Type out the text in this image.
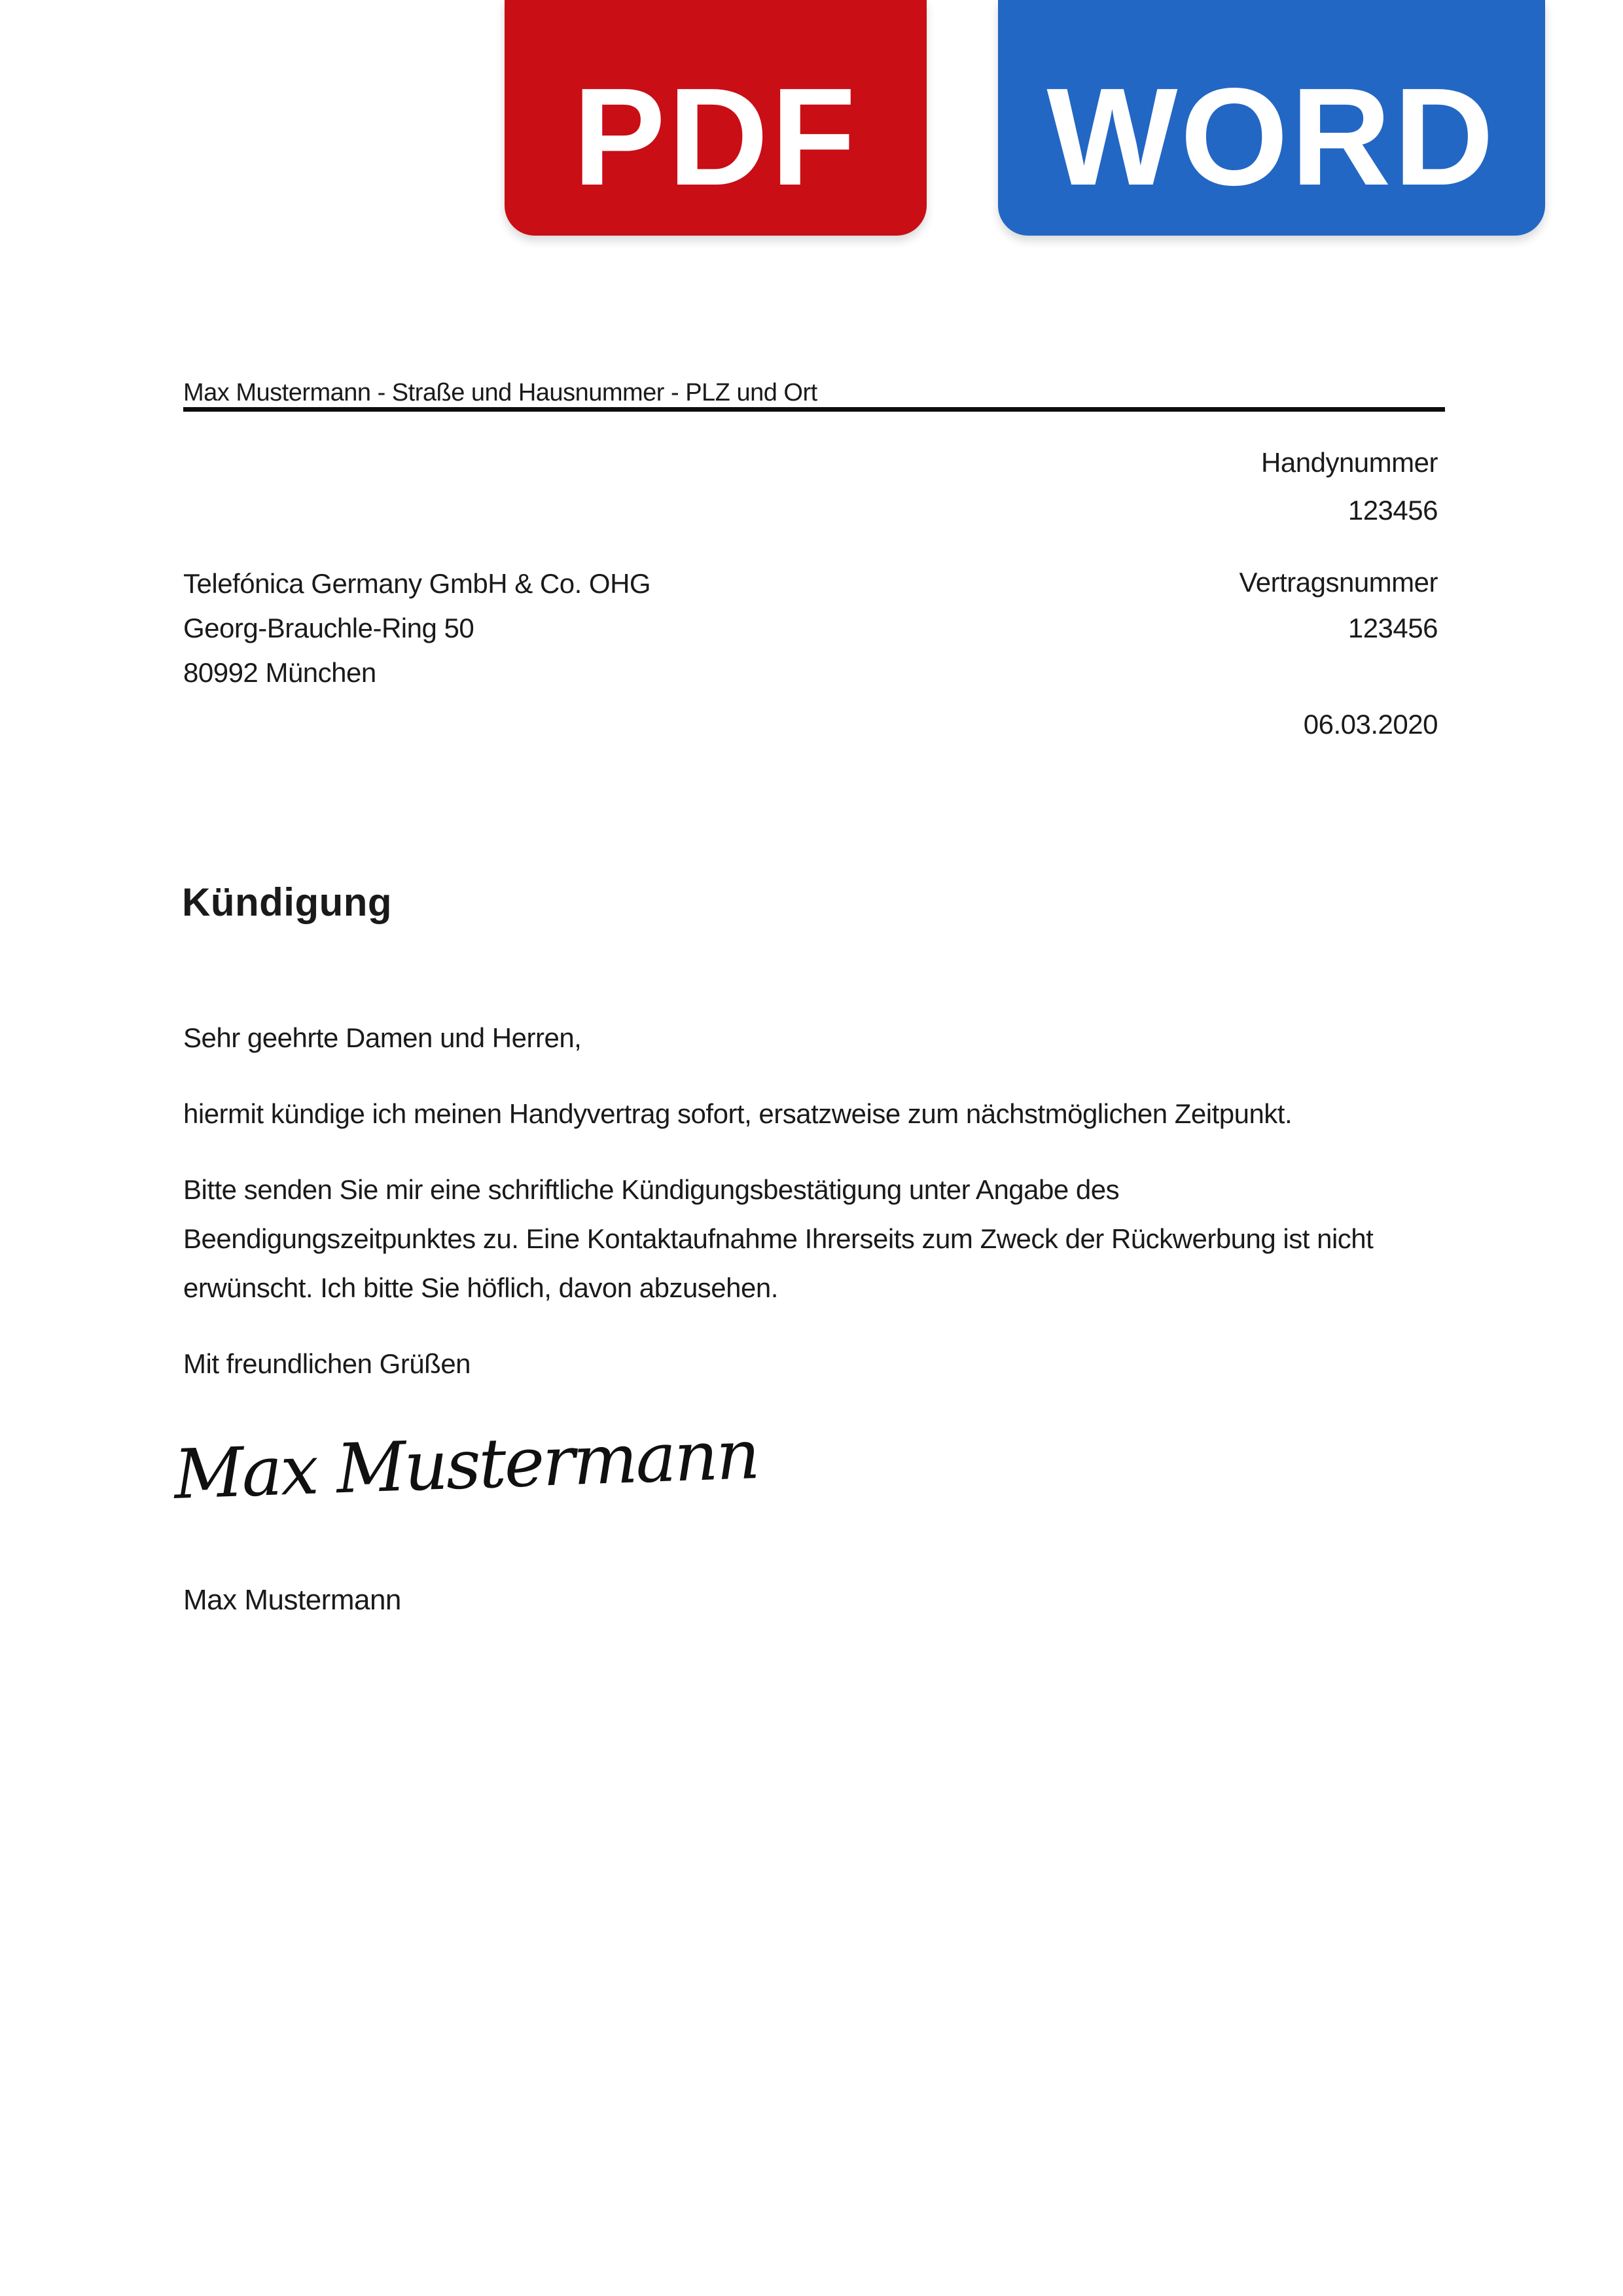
PDF WORD
Max Mustermann - Straße und Hausnummer - PLZ und Ort
Handynummer
123456
Vertragsnummer
123456
06.03.2020
Telefónica Germany GmbH & Co. OHG
Georg-Brauchle-Ring 50
80992 München
Kündigung
Sehr geehrte Damen und Herren,
hiermit kündige ich meinen Handyvertrag sofort, ersatzweise zum nächstmöglichen Zeitpunkt.
Bitte senden Sie mir eine schriftliche Kündigungsbestätigung unter Angabe des
Beendigungszeitpunktes zu. Eine Kontaktaufnahme Ihrerseits zum Zweck der Rückwerbung ist nicht
erwünscht. Ich bitte Sie höflich, davon abzusehen.
Mit freundlichen Grüßen
Max Mustermann
Max Mustermann
